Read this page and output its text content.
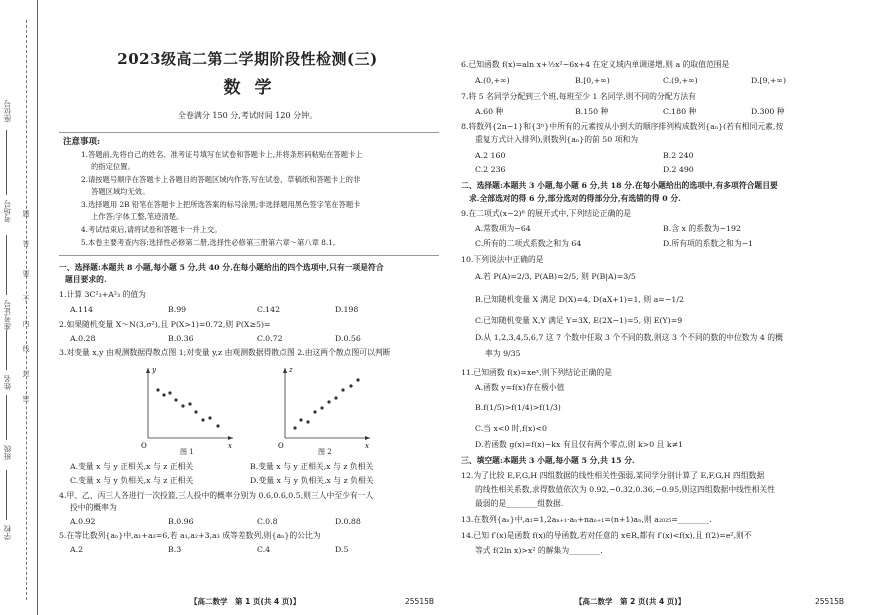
学校
班级
姓名
准考证号
考场号
座位号
密
封
线
内
不
要
答
题
2023级高二第二学期阶段性检测(三)
数学
全卷满分 150 分,考试时间 120 分钟。
注意事项:
1.答题前,先将自己的姓名、准考证号填写在试卷和答题卡上,并将条形码粘贴在答题卡上
的指定位置。
2.请按题号顺序在答题卡上各题目的答题区域内作答,写在试卷、草稿纸和答题卡上的非
答题区域均无效。
3.选择题用 2B 铅笔在答题卡上把所选答案的标号涂黑;非选择题用黑色签字笔在答题卡
上作答;字体工整,笔迹清楚。
4.考试结束后,请将试卷和答题卡一并上交。
5.本卷主要考查内容:选择性必修第二册,选择性必修第三册第六章～第八章 8.1。
一、选择题:本题共 8 小题,每小题 5 分,共 40 分.在每小题给出的四个选项中,只有一项是符合
题目要求的.
1.计算 3C²₃+A²₃ 的值为
A.114	B.99	C.142	D.198
2.如果随机变量 X～N(3,σ²),且 P(X>1)=0.72,则 P(X≥5)=
A.0.28	B.0.36	C.0.72	D.0.56
3.对变量 x,y 由观测数据得散点图 1;对变量 y,z 由观测数据得散点图 2.由这两个散点图可以判断
y
x
O
图 1
z
x
O
图 2
A.变量 x 与 y 正相关,x 与 z 正相关	B.变量 x 与 y 正相关,x 与 z 负相关
C.变量 x 与 y 负相关,x 与 z 正相关	D.变量 x 与 y 负相关,x 与 z 负相关
4.甲、乙、丙三人各进行一次投篮,三人投中的概率分别为 0.6,0.6,0.5,则三人中至少有一人
投中的概率为
A.0.92	B.0.96	C.0.8	D.0.88
5.在等比数列{aₙ}中,a₁+a₂=6,若 a₁,a₂+3,a₃ 成等差数列,则{aₙ}的公比为
A.2	B.3	C.4	D.5
【高二数学　第 1 页(共 4 页)】	25515B
6.已知函数 f(x)=aln x+½x²−6x+4 在定义域内单调递增,则 a 的取值范围是
A.(0,+∞)	B.[0,+∞)	C.(9,+∞)	D.[9,+∞)
7.将 5 名同学分配到三个班,每班至少 1 名同学,则不同的分配方法有
A.60 种	B.150 种	C.180 种	D.300 种
8.将数列{2n−1}和{3ⁿ}中所有的元素按从小到大的顺序排列构成数列{aₙ}(若有相同元素,按
重复方式计入排列),则数列{aₙ}的前 50 项和为
A.2 160	B.2 240
C.2 236	D.2 490
二、选择题:本题共 3 小题,每小题 6 分,共 18 分.在每小题给出的选项中,有多项符合题目要
求.全部选对的得 6 分,部分选对的得部分分,有选错的得 0 分.
9.在二项式(x−2)⁶ 的展开式中,下列结论正确的是
A.常数项为−64	B.含 x 的系数为−192
C.所有的二项式系数之和为 64	D.所有项的系数之和为−1
10.下列说法中正确的是
A.若 P(A)=2/3, P(AB)=2/5, 则 P(B|A)=3/5
B.已知随机变量 X 满足 D(X)=4, D(aX+1)=1, 则 a=−1/2
C.已知随机变量 X,Y 满足 Y=3X, E(2X−1)=5, 则 E(Y)=9
D.从 1,2,3,4,5,6,7 这 7 个数中任取 3 个不同的数,则这 3 个不同的数的中位数为 4 的概
率为 9/35
11.已知函数 f(x)=xeˣ,则下列结论正确的是
A.函数 y=f(x)存在极小值
B.f(1/5)>f(1/4)>f(1/3)
C.当 x<0 时,f(x)<0
D.若函数 g(x)=f(x)−kx 有且仅有两个零点,则 k>0 且 k≠1
三、填空题:本题共 3 小题,每小题 5 分,共 15 分.
12.为了比较 E,F,G,H 四组数据的线性相关性强弱,某同学分别计算了 E,F,G,H 四组数据
的线性相关系数,求得数值依次为 0.92,−0.32,0.36,−0.95,则这四组数据中线性相关性
最弱的是________组数据.
13.在数列{aₙ}中,a₁=1,2aₙ₊₁·aₙ+naₙ₊₁=(n+1)aₙ,则 a₂₀₂₅=________.
14.已知 f′(x)是函数 f(x)的导函数,若对任意的 x∈R,都有 f′(x)<f(x),且 f(2)=e²,则不
等式 f(2ln x)>x² 的解集为________.
【高二数学　第 2 页(共 4 页)】	25515B
